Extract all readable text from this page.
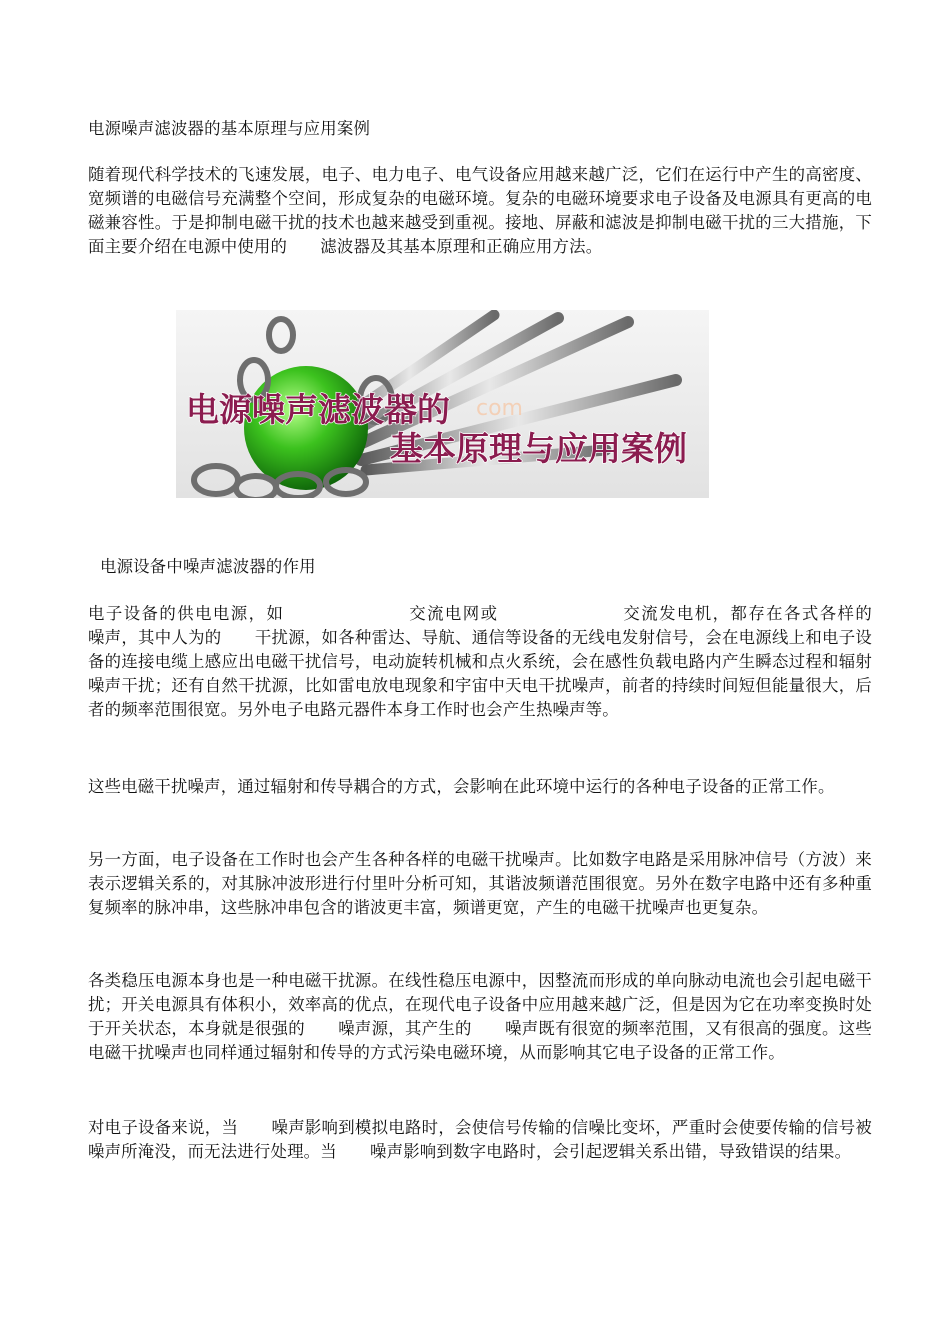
电源噪声滤波器的基本原理与应用案例

随着现代科学技术的飞速发展，电子、电力电子、电气设备应用越来越广泛，它们在运行中产生的高密度、宽频谱的电磁信号充满整个空间，形成复杂的电磁环境。复杂的电磁环境要求电子设备及电源具有更高的电磁兼容性。于是抑制电磁干扰的技术也越来越受到重视。接地、屏蔽和滤波是抑制电磁干扰的三大措施，下面主要介绍在电源中使用的　　滤波器及其基本原理和正确应用方法。

com
电源噪声滤波器的
基本原理与应用案例

电源设备中噪声滤波器的作用

电子设备的供电电源，如　　　　　　　交流电网或　　　　　　　交流发电机，都存在各式各样的　　　　噪声，其中人为的　　干扰源，如各种雷达、导航、通信等设备的无线电发射信号，会在电源线上和电子设备的连接电缆上感应出电磁干扰信号，电动旋转机械和点火系统，会在感性负载电路内产生瞬态过程和辐射噪声干扰；还有自然干扰源，比如雷电放电现象和宇宙中天电干扰噪声，前者的持续时间短但能量很大，后者的频率范围很宽。另外电子电路元器件本身工作时也会产生热噪声等。

这些电磁干扰噪声，通过辐射和传导耦合的方式，会影响在此环境中运行的各种电子设备的正常工作。

另一方面，电子设备在工作时也会产生各种各样的电磁干扰噪声。比如数字电路是采用脉冲信号（方波）来表示逻辑关系的，对其脉冲波形进行付里叶分析可知，其谐波频谱范围很宽。另外在数字电路中还有多种重复频率的脉冲串，这些脉冲串包含的谐波更丰富，频谱更宽，产生的电磁干扰噪声也更复杂。

各类稳压电源本身也是一种电磁干扰源。在线性稳压电源中，因整流而形成的单向脉动电流也会引起电磁干扰；开关电源具有体积小，效率高的优点，在现代电子设备中应用越来越广泛，但是因为它在功率变换时处于开关状态，本身就是很强的　　噪声源，其产生的　　噪声既有很宽的频率范围，又有很高的强度。这些电磁干扰噪声也同样通过辐射和传导的方式污染电磁环境，从而影响其它电子设备的正常工作。

对电子设备来说，当　　噪声影响到模拟电路时，会使信号传输的信噪比变坏，严重时会使要传输的信号被　　噪声所淹没，而无法进行处理。当　　噪声影响到数字电路时，会引起逻辑关系出错，导致错误的结果。
